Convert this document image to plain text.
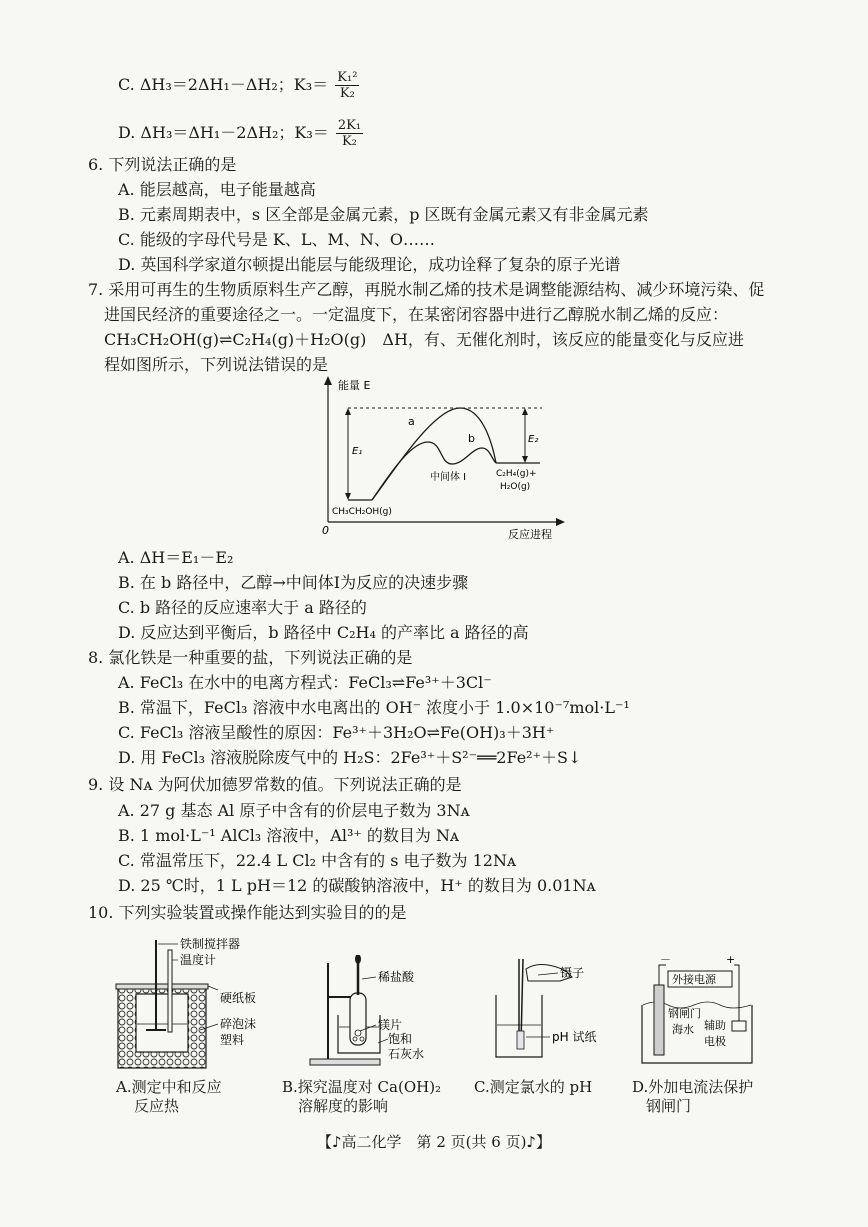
C. ΔH₃＝2ΔH₁－ΔH₂；$K_3= \frac{\text{K₁²}}{\text{K₂}}$
D. ΔH₃＝ΔH₁－2ΔH₂；$K_3= \frac{\text{2K₁}}{\text{K₂}}$
6. 下列说法正确的是
A. 能层越高，电子能量越高
B. 元素周期表中，s 区全部是金属元素，p 区既有金属元素又有非金属元素
C. 能级的字母代号是 K、L、M、N、O……
D. 英国科学家道尔顿提出能层与能级理论，成功诠释了复杂的原子光谱
7. 采用可再生的生物质原料生产乙醇，再脱水制乙烯的技术是调整能源结构、减少环境污染、促
进国民经济的重要途径之一。一定温度下，在某密闭容器中进行乙醇脱水制乙烯的反应：
CH₃CH₂OH(g)⇌C₂H₄(g)＋H₂O(g)　ΔH，有、无催化剂时，该反应的能量变化与反应进
程如图所示，下列说法错误的是
能量 E
反应进程
0
E₁
E₂
a
b
中间体 Ⅰ
CH₃CH₂OH(g)
C₂H₄(g)+
H₂O(g)
A. ΔH＝E₁－E₂
B. 在 b 路径中，乙醇→中间体Ⅰ为反应的决速步骤
C. b 路径的反应速率大于 a 路径的
D. 反应达到平衡后，b 路径中 C₂H₄ 的产率比 a 路径的高
8. 氯化铁是一种重要的盐，下列说法正确的是
A. FeCl₃ 在水中的电离方程式：FeCl₃⇌Fe³⁺＋3Cl⁻
B. 常温下，FeCl₃ 溶液中水电离出的 OH⁻ 浓度小于 1.0×10⁻⁷mol·L⁻¹
C. FeCl₃ 溶液呈酸性的原因：Fe³⁺＋3H₂O⇌Fe(OH)₃＋3H⁺
D. 用 FeCl₃ 溶液脱除废气中的 H₂S：2Fe³⁺＋S²⁻══2Fe²⁺＋S↓
9. 设 Nᴀ 为阿伏加德罗常数的值。下列说法正确的是
A. 27 g 基态 Al 原子中含有的价层电子数为 3Nᴀ
B. 1 mol·L⁻¹ AlCl₃ 溶液中，Al³⁺ 的数目为 Nᴀ
C. 常温常压下，22.4 L Cl₂ 中含有的 s 电子数为 12Nᴀ
D. 25 ℃时，1 L pH＝12 的碳酸钠溶液中，H⁺ 的数目为 0.01Nᴀ
10. 下列实验装置或操作能达到实验目的的是
铁制搅拌器
温度计
硬纸板
碎泡沫
塑料
稀盐酸
镁片
饱和
石灰水
镊子
pH 试纸
－	+
外接电源
钢闸门
海水 辅助
电极
A.测定中和反应
反应热
B.探究温度对 Ca(OH)₂
溶解度的影响
C.测定氯水的 pH	D.外加电流法保护
钢闸门
【♪高二化学　第 2 页(共 6 页)♪】
